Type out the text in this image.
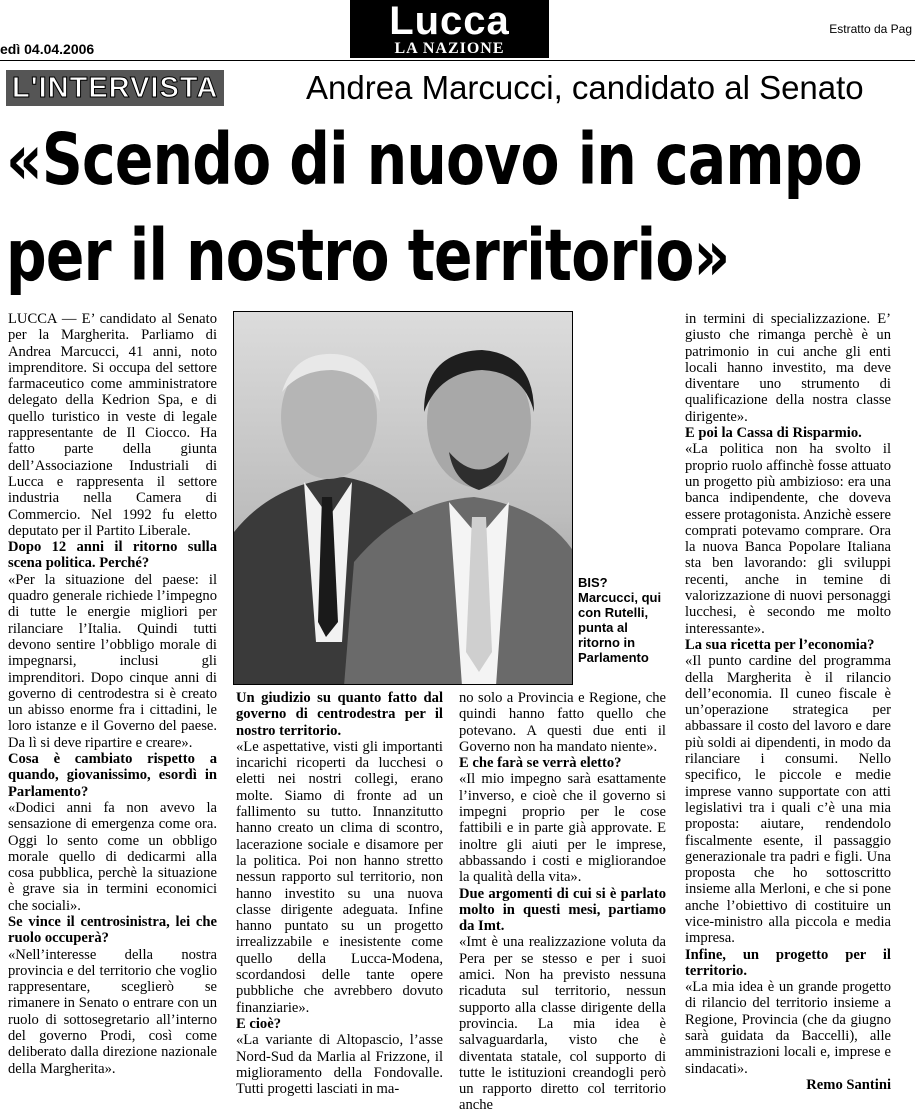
edì 04.04.2006
Estratto da Pag
Lucca
LA NAZIONE
L'INTERVISTA	Andrea Marcucci, candidato al Senato
«Scendo di nuovo in campo
per il nostro territorio»

LUCCA — E’ candidato al Senato per la Margherita. Parliamo di Andrea Marcucci, 41 anni, noto imprenditore. Si occupa del settore farmaceutico come amministratore delegato della Kedrion Spa, e di quello turistico in veste di legale rappresentante de Il Ciocco. Ha fatto parte della giunta dell’Associazione Industriali di Lucca e rappresenta il settore industria nella Camera di Commercio. Nel 1992 fu eletto deputato per il Partito Liberale.

Dopo 12 anni il ritorno sulla scena politica. Perché?

«Per la situazione del paese: il quadro generale richiede l’impegno di tutte le energie migliori per rilanciare l’Italia. Quindi tutti devono sentire l’obbligo morale di impegnarsi, inclusi gli imprenditori. Dopo cinque anni di governo di centrodestra si è creato un abisso enorme fra i cittadini, le loro istanze e il Governo del paese. Da lì si deve ripartire e creare».

Cosa è cambiato rispetto a quando, giovanissimo, esordì in Parlamento?

«Dodici anni fa non avevo la sensazione di emergenza come ora. Oggi lo sento come un obbligo morale quello di dedicarmi alla cosa pubblica, perchè la situazione è grave sia in termini economici che sociali».

Se vince il centrosinistra, lei che ruolo occuperà?

«Nell’interesse della nostra provincia e del territorio che voglio rappresentare, sceglierò se rimanere in Senato o entrare con un ruolo di sottosegretario all’interno del governo Prodi, così come deliberato dalla direzione nazionale della Margherita».

BIS?
Marcucci, qui con Rutelli, punta al ritorno in Parlamento

Un giudizio su quanto fatto dal governo di centrodestra per il nostro territorio.

«Le aspettative, visti gli importanti incarichi ricoperti da lucchesi o eletti nei nostri collegi, erano molte. Siamo di fronte ad un fallimento su tutto. Innanzitutto hanno creato un clima di scontro, lacerazione sociale e disamore per la politica. Poi non hanno stretto nessun rapporto sul territorio, non hanno investito su una nuova classe dirigente adeguata. Infine hanno puntato su un progetto irrealizzabile e inesistente come quello della Lucca-Modena, scordandosi delle tante opere pubbliche che avrebbero dovuto finanziarie».

E cioè?

«La variante di Altopascio, l’asse Nord-Sud da Marlia al Frizzone, il miglioramento della Fondovalle. Tutti progetti lasciati in ma-

no solo a Provincia e Regione, che quindi hanno fatto quello che potevano. A questi due enti il Governo non ha mandato niente».

E che farà se verrà eletto?

«Il mio impegno sarà esattamente l’inverso, e cioè che il governo si impegni proprio per le cose fattibili e in parte già approvate. E inoltre gli aiuti per le imprese, abbassando i costi e migliorandoe la qualità della vita».

Due argomenti di cui si è parlato molto in questi mesi, partiamo da Imt.

«Imt è una realizzazione voluta da Pera per se stesso e per i suoi amici. Non ha previsto nessuna ricaduta sul territorio, nessun supporto alla classe dirigente della provincia. La mia idea è salvaguardarla, visto che è diventata statale, col supporto di tutte le istituzioni creandogli però un rapporto diretto col territorio anche

in termini di specializzazione. E’ giusto che rimanga perchè è un patrimonio in cui anche gli enti locali hanno investito, ma deve diventare uno strumento di qualificazione della nostra classe dirigente».

E poi la Cassa di Risparmio.

«La politica non ha svolto il proprio ruolo affinchè fosse attuato un progetto più ambizioso: era una banca indipendente, che doveva essere protagonista. Anzichè essere comprati potevamo comprare. Ora la nuova Banca Popolare Italiana sta ben lavorando: gli sviluppi recenti, anche in temine di valorizzazione di nuovi personaggi lucchesi, è secondo me molto interessante».

La sua ricetta per l’economia?

«Il punto cardine del programma della Margherita è il rilancio dell’economia. Il cuneo fiscale è un’operazione strategica per abbassare il costo del lavoro e dare più soldi ai dipendenti, in modo da rilanciare i consumi. Nello specifico, le piccole e medie imprese vanno supportate con atti legislativi tra i quali c’è una mia proposta: aiutare, rendendolo fiscalmente esente, il passaggio generazionale tra padri e figli. Una proposta che ho sottoscritto insieme alla Merloni, e che si pone anche l’obiettivo di costituire un vice-ministro alla piccola e media impresa.

Infine, un progetto per il territorio.

«La mia idea è un grande progetto di rilancio del territorio insieme a Regione, Provincia (che da giugno sarà guidata da Baccelli), alle amministrazioni locali e, imprese e sindacati».

Remo Santini
